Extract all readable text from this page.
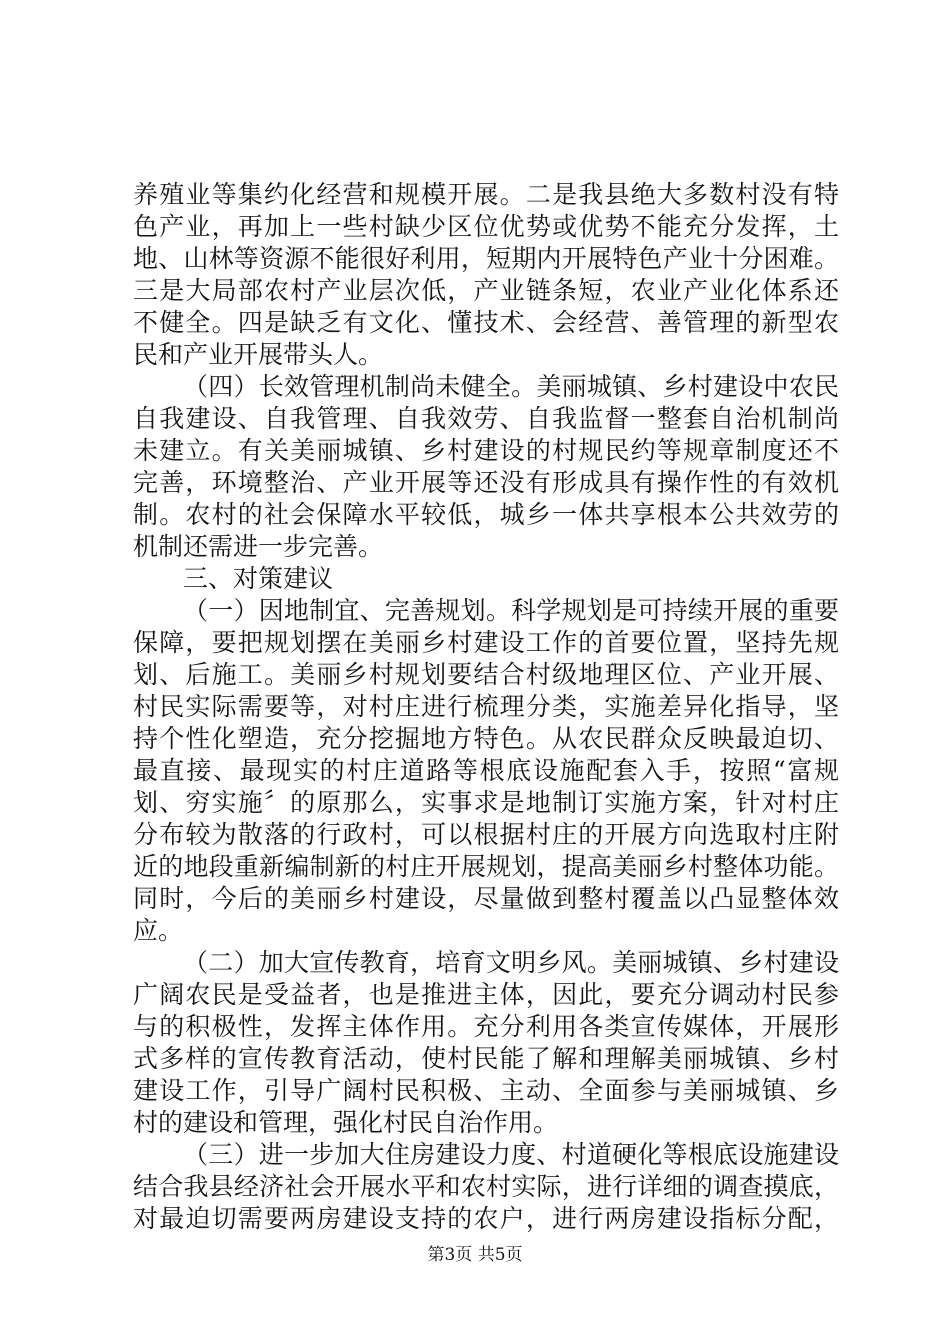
养殖业等集约化经营和规模开展。二是我县绝大多数村没有特
色产业，再加上一些村缺少区位优势或优势不能充分发挥，土
地、山林等资源不能很好利用，短期内开展特色产业十分困难。
三是大局部农村产业层次低，产业链条短，农业产业化体系还
不健全。四是缺乏有文化、懂技术、会经营、善管理的新型农
民和产业开展带头人。
（四）长效管理机制尚未健全。美丽城镇、乡村建设中农民
自我建设、自我管理、自我效劳、自我监督一整套自治机制尚
未建立。有关美丽城镇、乡村建设的村规民约等规章制度还不
完善，环境整治、产业开展等还没有形成具有操作性的有效机
制。农村的社会保障水平较低，城乡一体共享根本公共效劳的
机制还需进一步完善。
三、对策建议
（一）因地制宜、完善规划。科学规划是可持续开展的重要
保障，要把规划摆在美丽乡村建设工作的首要位置，坚持先规
划、后施工。美丽乡村规划要结合村级地理区位、产业开展、
村民实际需要等，对村庄进行梳理分类，实施差异化指导，坚
持个性化塑造，充分挖掘地方特色。从农民群众反映最迫切、
最直接、最现实的村庄道路等根底设施配套入手，按照“富规
划、穷实施〞的原那么，实事求是地制订实施方案，针对村庄
分布较为散落的行政村，可以根据村庄的开展方向选取村庄附
近的地段重新编制新的村庄开展规划，提高美丽乡村整体功能。
同时，今后的美丽乡村建设，尽量做到整村覆盖以凸显整体效
应。
（二）加大宣传教育，培育文明乡风。美丽城镇、乡村建设
广阔农民是受益者，也是推进主体，因此，要充分调动村民参
与的积极性，发挥主体作用。充分利用各类宣传媒体，开展形
式多样的宣传教育活动，使村民能了解和理解美丽城镇、乡村
建设工作，引导广阔村民积极、主动、全面参与美丽城镇、乡
村的建设和管理，强化村民自治作用。
（三）进一步加大住房建设力度、村道硬化等根底设施建设
结合我县经济社会开展水平和农村实际，进行详细的调查摸底，
对最迫切需要两房建设支持的农户，进行两房建设指标分配，
第3页 共5页
